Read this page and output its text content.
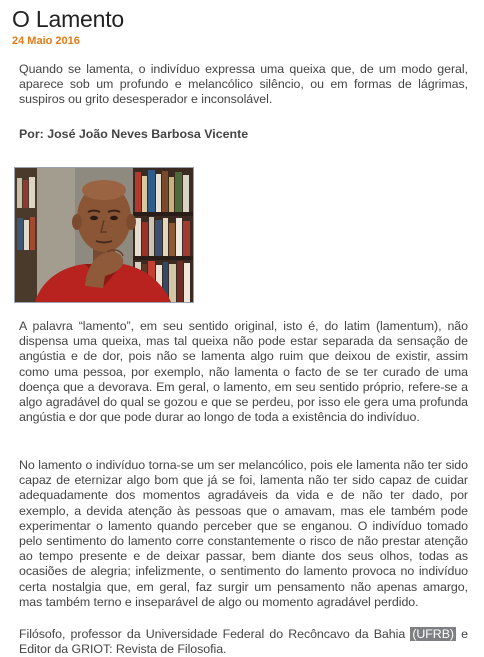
O Lamento
24 Maio 2016

Quando se lamenta, o indivíduo expressa uma queixa que, de um modo geral, aparece sob um profundo e melancólico silêncio, ou em formas de lágrimas, suspiros ou grito desesperador e inconsolável.

Por: José João Neves Barbosa Vicente

A palavra “lamento”, em seu sentido original, isto é, do latim (lamentum), não dispensa uma queixa, mas tal queixa não pode estar separada da sensação de angústia e de dor, pois não se lamenta algo ruim que deixou de existir, assim como uma pessoa, por exemplo, não lamenta o facto de se ter curado de uma doença que a devorava. Em geral, o lamento, em seu sentido próprio, refere-se a algo agradável do qual se gozou e que se perdeu, por isso ele gera uma profunda angústia e dor que pode durar ao longo de toda a existência do indivíduo.

No lamento o indivíduo torna-se um ser melancólico, pois ele lamenta não ter sido capaz de eternizar algo bom que já se foi, lamenta não ter sido capaz de cuidar adequadamente dos momentos agradáveis da vida e de não ter dado, por exemplo, a devida atenção às pessoas que o amavam, mas ele também pode experimentar o lamento quando perceber que se enganou. O indivíduo tomado pelo sentimento do lamento corre constantemente o risco de não prestar atenção ao tempo presente e de deixar passar, bem diante dos seus olhos, todas as ocasiões de alegria; infelizmente, o sentimento do lamento provoca no indivíduo certa nostalgia que, em geral, faz surgir um pensamento não apenas amargo, mas também terno e inseparável de algo ou momento agradável perdido.

Filósofo, professor da Universidade Federal do Recôncavo da Bahia (UFRB) e Editor da GRIOT: Revista de Filosofia.
